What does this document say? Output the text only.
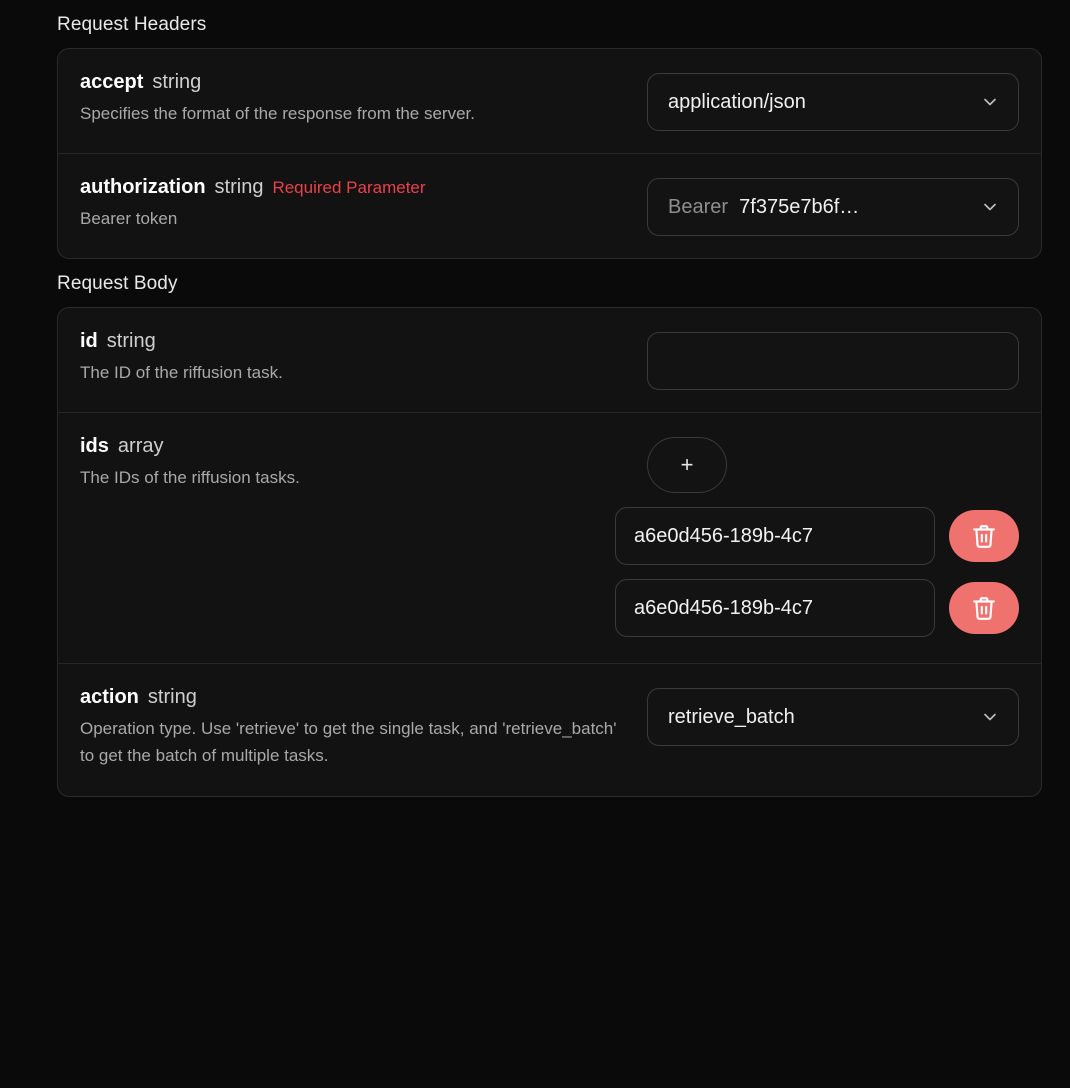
Request Headers
accept string
Specifies the format of the response from the server.
application/json
authorization string Required Parameter
Bearer token
Bearer 7f375e7b6f…
Request Body
id string
The ID of the riffusion task.
ids array
The IDs of the riffusion tasks.
+
a6e0d456-189b-4c7
a6e0d456-189b-4c7
action string
Operation type. Use 'retrieve' to get the single task, and 'retrieve_batch' to get the batch of multiple tasks.
retrieve_batch
